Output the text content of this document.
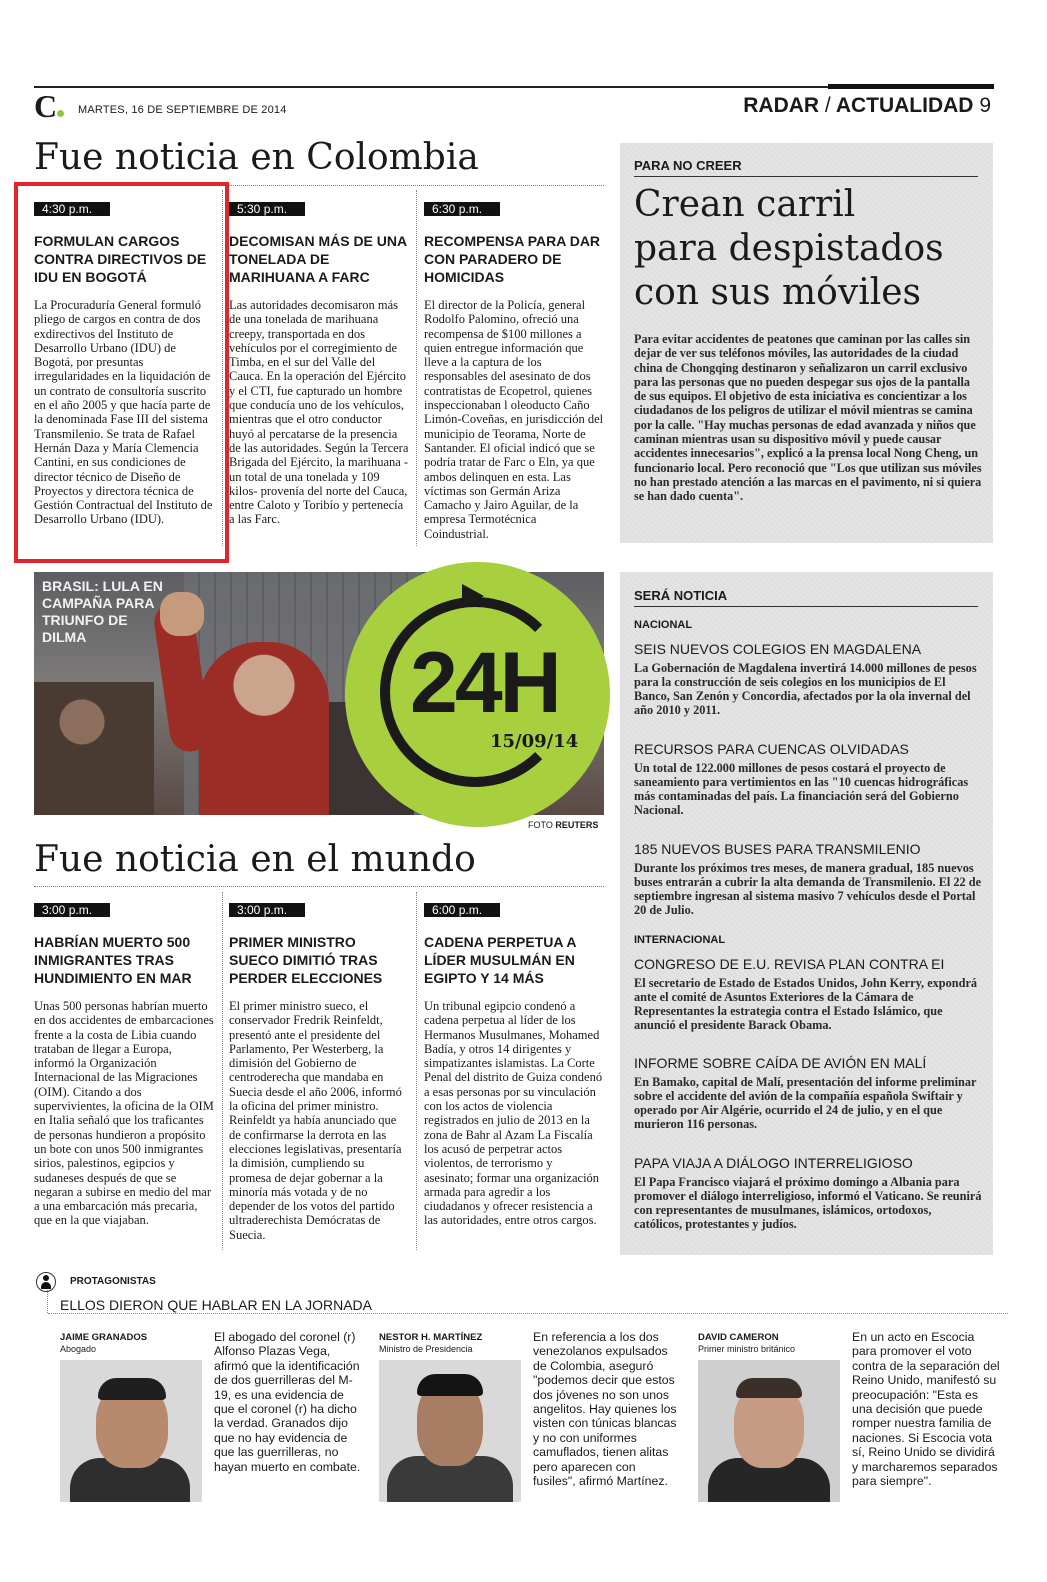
C MARTES, 16 DE SEPTIEMBRE DE 2014	RADAR / ACTUALIDAD 9
Fue noticia en Colombia
4:30 p.m.
FORMULAN CARGOS CONTRA DIRECTIVOS DE IDU EN BOGOTÁ
La Procuraduría General formuló pliego de cargos en contra de dos exdirectivos del Instituto de Desarrollo Urbano (IDU) de Bogotá, por presuntas irregularidades en la liquidación de un contrato de consultoría suscrito en el año 2005 y que hacía parte de la denominada Fase III del sistema Transmilenio. Se trata de Rafael Hernán Daza y María Clemencia Cantini, en sus condiciones de director técnico de Diseño de Proyectos y directora técnica de Gestión Contractual del Instituto de Desarrollo Urbano (IDU).
5:30 p.m.
DECOMISAN MÁS DE UNA TONELADA DE MARIHUANA A FARC
Las autoridades decomisaron más de una tonelada de marihuana creepy, transportada en dos vehículos por el corregimiento de Timba, en el sur del Valle del Cauca. En la operación del Ejército y el CTI, fue capturado un hombre que conducía uno de los vehículos, mientras que el otro conductor huyó al percatarse de la presencia de las autoridades. Según la Tercera Brigada del Ejército, la marihuana -un total de una tonelada y 109 kilos- provenía del norte del Cauca, entre Caloto y Toribío y pertenecía a las Farc.
6:30 p.m.
RECOMPENSA PARA DAR CON PARADERO DE HOMICIDAS
El director de la Policía, general Rodolfo Palomino, ofreció una recompensa de $100 millones a quien entregue información que lleve a la captura de los responsables del asesinato de dos contratistas de Ecopetrol, quienes inspeccionaban l oleoducto Caño Limón-Coveñas, en jurisdicción del municipio de Teorama, Norte de Santander. El oficial indicó que se podría tratar de Farc o Eln, ya que ambos delinquen en esta. Las víctimas son Germán Ariza Camacho y Jairo Aguilar, de la empresa Termotécnica Coindustrial.
PARA NO CREER
Crean carril
para despistados
con sus móviles
Para evitar accidentes de peatones que caminan por las calles sin dejar de ver sus teléfonos móviles, las autoridades de la ciudad china de Chongqing destinaron y señalizaron un carril exclusivo para las personas que no pueden despegar sus ojos de la pantalla de sus equipos. El objetivo de esta iniciativa es concientizar a los ciudadanos de los peligros de utilizar el móvil mientras se camina por la calle. "Hay muchas personas de edad avanzada y niños que caminan mientras usan su dispositivo móvil y puede causar accidentes innecesarios", explicó a la prensa local Nong Cheng, un funcionario local. Pero reconoció que "Los que utilizan sus móviles no han prestado atención a las marcas en el pavimento, ni si quiera se han dado cuenta".
BRASIL: LULA EN CAMPAÑA PARA TRIUNFO DE DILMA	24H
15/09/14
FOTO REUTERS
SERÁ NOTICIA
NACIONAL
SEIS NUEVOS COLEGIOS EN MAGDALENA
La Gobernación de Magdalena invertirá 14.000 millones de pesos para la construcción de seis colegios en los municipios de El Banco, San Zenón y Concordia, afectados por la ola invernal del año 2010 y 2011.
RECURSOS PARA CUENCAS OLVIDADAS
Un total de 122.000 millones de pesos costará el proyecto de saneamiento para vertimientos en las "10 cuencas hidrográficas más contaminadas del país. La financiación será del Gobierno Nacional.
185 NUEVOS BUSES PARA TRANSMILENIO
Durante los próximos tres meses, de manera gradual, 185 nuevos buses entrarán a cubrir la alta demanda de Transmilenio. El 22 de septiembre ingresan al sistema masivo 7 vehículos desde el Portal 20 de Julio.
INTERNACIONAL
CONGRESO DE E.U. REVISA PLAN CONTRA EI
El secretario de Estado de Estados Unidos, John Kerry, expondrá ante el comité de Asuntos Exteriores de la Cámara de Representantes la estrategia contra el Estado Islámico, que anunció el presidente Barack Obama.
INFORME SOBRE CAÍDA DE AVIÓN EN MALÍ
En Bamako, capital de Malí, presentación del informe preliminar sobre el accidente del avión de la compañía española Swiftair y operado por Air Algérie, ocurrido el 24 de julio, y en el que murieron 116 personas.
PAPA VIAJA A DIÁLOGO INTERRELIGIOSO
El Papa Francisco viajará el próximo domingo a Albania para promover el diálogo interreligioso, informó el Vaticano. Se reunirá con representantes de musulmanes, islámicos, ortodoxos, católicos, protestantes y judíos.
Fue noticia en el mundo
3:00 p.m.
HABRÍAN MUERTO 500 INMIGRANTES TRAS HUNDIMIENTO EN MAR
Unas 500 personas habrían muerto en dos accidentes de embarcaciones frente a la costa de Libia cuando trataban de llegar a Europa, informó la Organización Internacional de las Migraciones (OIM). Citando a dos supervivientes, la oficina de la OIM en Italia señaló que los traficantes de personas hundieron a propósito un bote con unos 500 inmigrantes sirios, palestinos, egipcios y sudaneses después de que se negaran a subirse en medio del mar a una embarcación más precaria, que en la que viajaban.
3:00 p.m.
PRIMER MINISTRO SUECO DIMITIÓ TRAS PERDER ELECCIONES
El primer ministro sueco, el conservador Fredrik Reinfeldt, presentó ante el presidente del Parlamento, Per Westerberg, la dimisión del Gobierno de centroderecha que mandaba en Suecia desde el año 2006, informó la oficina del primer ministro. Reinfeldt ya había anunciado que de confirmarse la derrota en las elecciones legislativas, presentaría la dimisión, cumpliendo su promesa de dejar gobernar a la minoría más votada y de no depender de los votos del partido ultraderechista Demócratas de Suecia.
6:00 p.m.
CADENA PERPETUA A LÍDER MUSULMÁN EN EGIPTO Y 14 MÁS
Un tribunal egipcio condenó a cadena perpetua al líder de los Hermanos Musulmanes, Mohamed Badía, y otros 14 dirigentes y simpatizantes islamistas. La Corte Penal del distrito de Guiza condenó a esas personas por su vinculación con los actos de violencia registrados en julio de 2013 en la zona de Bahr al Azam La Fiscalía los acusó de perpetrar actos violentos, de terrorismo y asesinato; formar una organización armada para agredir a los ciudadanos y ofrecer resistencia a las autoridades, entre otros cargos.
PROTAGONISTAS
ELLOS DIERON QUE HABLAR EN LA JORNADA
JAIME GRANADOS
Abogado
El abogado del coronel (r) Alfonso Plazas Vega, afirmó que la identificación de dos guerrilleras del M-19, es una evidencia de que el coronel (r) ha dicho la verdad. Granados dijo que no hay evidencia de que las guerrilleras, no hayan muerto en combate.
NESTOR H. MARTÍNEZ
Ministro de Presidencia
En referencia a los dos venezolanos expulsados de Colombia, aseguró "podemos decir que estos dos jóvenes no son unos angelitos. Hay quienes los visten con túnicas blancas y no con uniformes camuflados, tienen alitas pero aparecen con fusiles", afirmó Martínez.
DAVID CAMERON
Primer ministro británico
En un acto en Escocia para promover el voto contra de la separación del Reino Unido, manifestó su preocupación: "Esta es una decisión que puede romper nuestra familia de naciones. Si Escocia vota sí, Reino Unido se dividirá y marcharemos separados para siempre".
